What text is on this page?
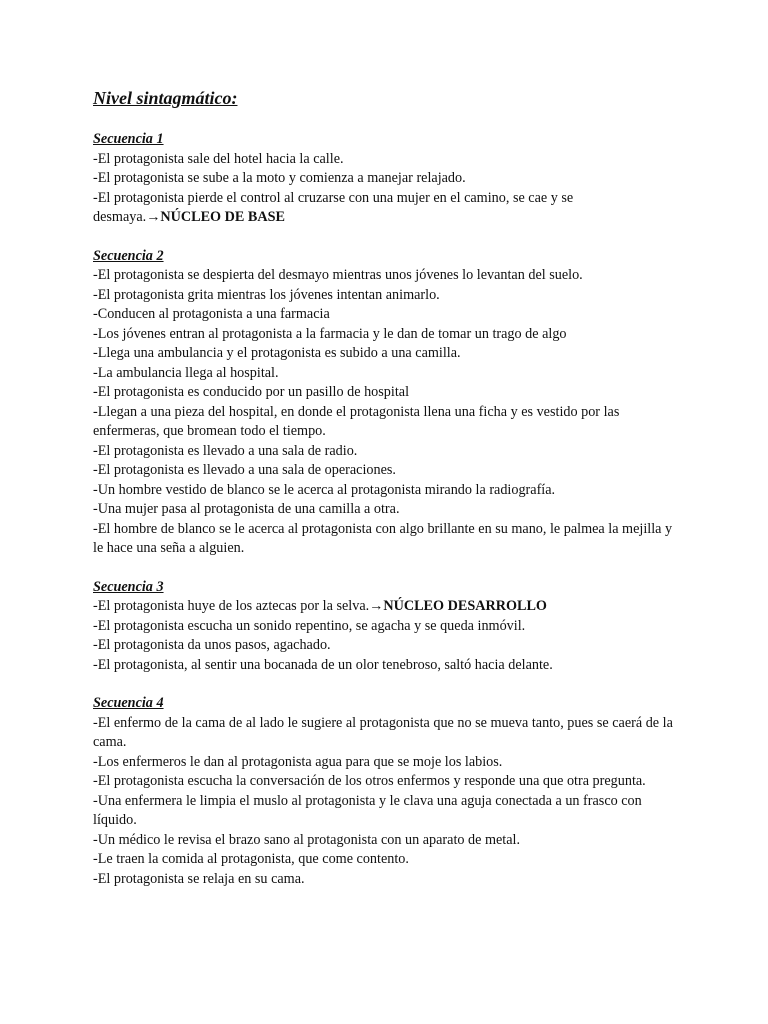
Nivel sintagmático:
Secuencia 1
-El protagonista sale del hotel hacia la calle.
-El protagonista se sube a la moto y comienza a manejar relajado.
-El protagonista pierde el control al cruzarse con una mujer en el camino, se cae y se desmaya.→NÚCLEO DE BASE
Secuencia 2
-El protagonista se despierta del desmayo mientras unos jóvenes lo levantan del suelo.
-El protagonista grita mientras los jóvenes intentan animarlo.
-Conducen al protagonista a una farmacia
-Los jóvenes entran al protagonista a la farmacia y le dan de tomar un trago de algo
-Llega una ambulancia y el protagonista es subido a una camilla.
-La ambulancia llega al hospital.
-El protagonista es conducido por un pasillo de hospital
-Llegan a una pieza del hospital, en donde el protagonista llena una ficha y es vestido por las enfermeras, que bromean todo el tiempo.
-El protagonista es llevado a una sala de radio.
-El protagonista es llevado a una sala de operaciones.
-Un hombre vestido de blanco se le acerca al protagonista mirando la radiografía.
-Una mujer pasa al protagonista de una camilla a otra.
-El hombre de blanco se le acerca al protagonista con algo brillante en su mano, le palmea la mejilla y le hace una seña a alguien.
Secuencia 3
-El protagonista huye de los aztecas por la selva.→NÚCLEO DESARROLLO
-El protagonista escucha un sonido repentino, se agacha y se queda inmóvil.
-El protagonista da unos pasos, agachado.
-El protagonista, al sentir una bocanada de un olor tenebroso, saltó hacia delante.
Secuencia 4
-El enfermo de la cama de al lado le sugiere al protagonista que no se mueva tanto, pues se caerá de la cama.
-Los enfermeros le dan al protagonista agua para que se moje los labios.
-El protagonista escucha la conversación de los otros enfermos y responde una que otra pregunta.
-Una enfermera le limpia el muslo al protagonista y le clava una aguja conectada a un frasco con líquido.
-Un médico le revisa el brazo sano al protagonista con un aparato de metal.
-Le traen la comida al protagonista, que come contento.
-El protagonista se relaja en su cama.
